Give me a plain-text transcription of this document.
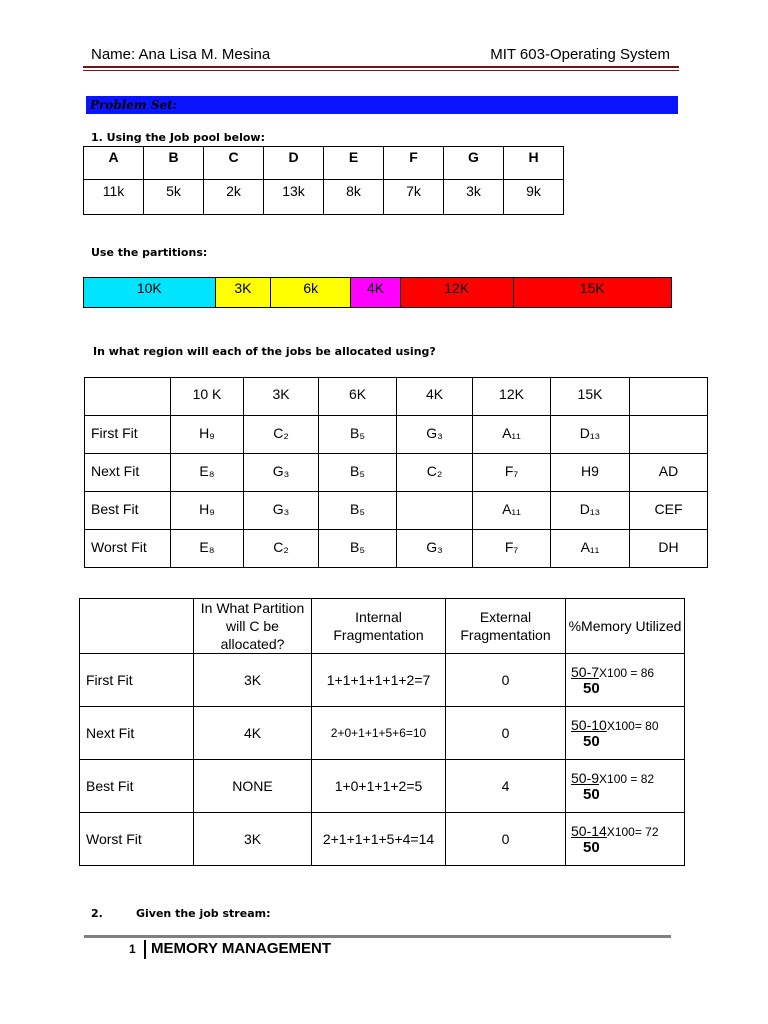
Name: Ana Lisa M. Mesina	MIT 603-Operating System
Problem Set:
1. Using the Job pool below:
A	B	C	D	E	F	G	H
11k	5k	2k	13k	8k	7k	3k	9k
Use the partitions:
10K	3K	6k	4K	12K	15K
In what region will each of the jobs be allocated using?
	10 K	3K	6K	4K	12K	15K	
First Fit	H₉	C₂	B₅	G₃	A₁₁	D₁₃	
Next Fit	E₈	G₃	B₅	C₂	F₇	H9	AD
Best Fit	H₉	G₃	B₅		A₁₁	D₁₃	CEF
Worst Fit	E₈	C₂	B₅	G₃	F₇	A₁₁	DH
	In What Partition will C be allocated?	Internal Fragmentation	External Fragmentation	%Memory Utilized
First Fit	3K	1+1+1+1+1+2=7	0	50-7X100 = 86
50

Next Fit	4K	2+0+1+1+5+6=10	0	50-10X100= 80
50

Best Fit	NONE	1+0+1+1+2=5	4	50-9X100 = 82
50

Worst Fit	3K	2+1+1+1+5+4=14	0	50-14X100= 72
50
2.	Given the job stream:
1 MEMORY MANAGEMENT
